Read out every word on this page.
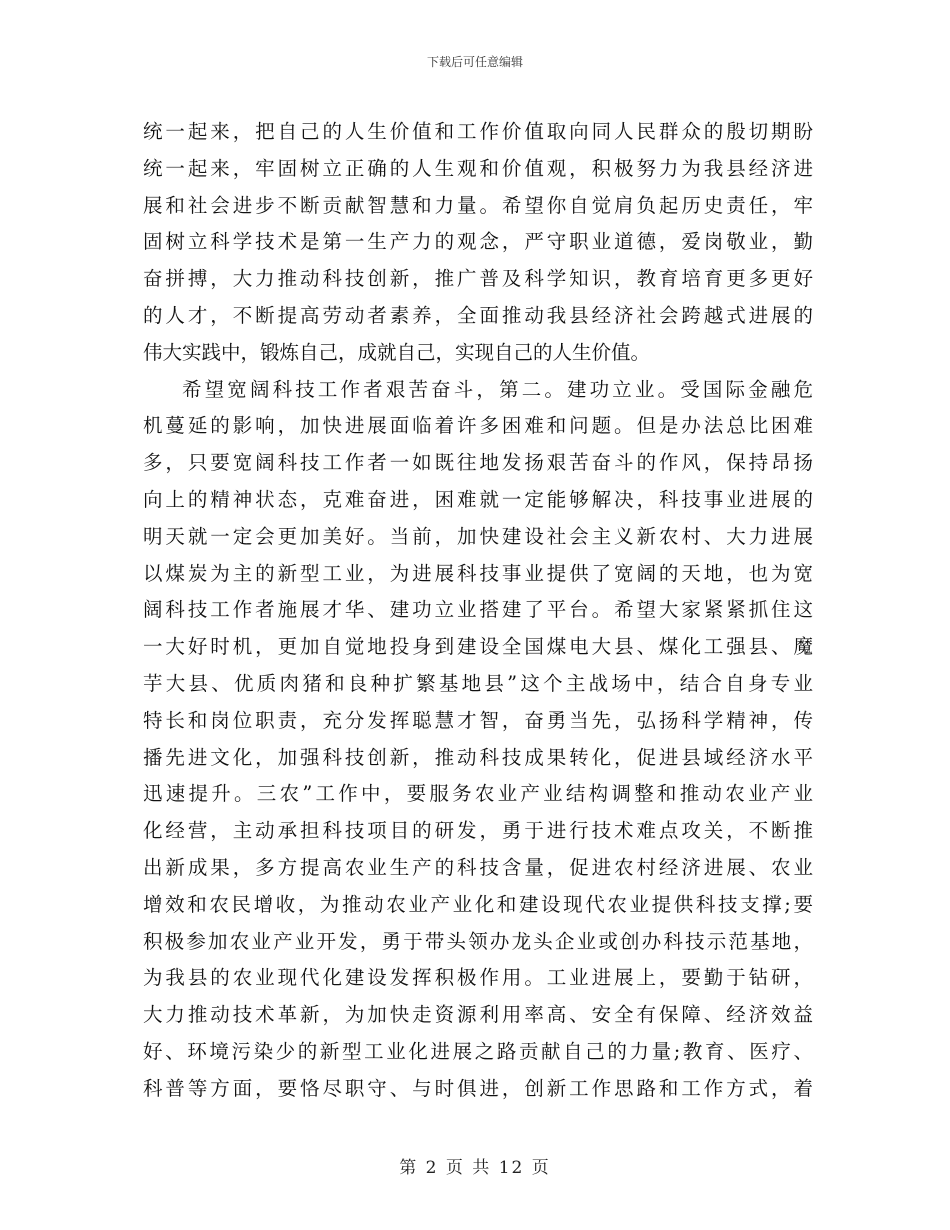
下载后可任意编辑
统一起来，把自己的人生价值和工作价值取向同人民群众的殷切期盼
统一起来，牢固树立正确的人生观和价值观，积极努力为我县经济进
展和社会进步不断贡献智慧和力量。希望你自觉肩负起历史责任，牢
固树立科学技术是第一生产力的观念，严守职业道德，爱岗敬业，勤
奋拼搏，大力推动科技创新，推广普及科学知识，教育培育更多更好
的人才，不断提高劳动者素养，全面推动我县经济社会跨越式进展的
伟大实践中，锻炼自己，成就自己，实现自己的人生价值。
希望宽阔科技工作者艰苦奋斗，第二。建功立业。受国际金融危
机蔓延的影响，加快进展面临着许多困难和问题。但是办法总比困难
多，只要宽阔科技工作者一如既往地发扬艰苦奋斗的作风，保持昂扬
向上的精神状态，克难奋进，困难就一定能够解决，科技事业进展的
明天就一定会更加美好。当前，加快建设社会主义新农村、大力进展
以煤炭为主的新型工业，为进展科技事业提供了宽阔的天地，也为宽
阔科技工作者施展才华、建功立业搭建了平台。希望大家紧紧抓住这
一大好时机，更加自觉地投身到建设全国煤电大县、煤化工强县、魔
芋大县、优质肉猪和良种扩繁基地县”这个主战场中，结合自身专业
特长和岗位职责，充分发挥聪慧才智，奋勇当先，弘扬科学精神，传
播先进文化，加强科技创新，推动科技成果转化，促进县域经济水平
迅速提升。三农”工作中，要服务农业产业结构调整和推动农业产业
化经营，主动承担科技项目的研发，勇于进行技术难点攻关，不断推
出新成果，多方提高农业生产的科技含量，促进农村经济进展、农业
增效和农民增收，为推动农业产业化和建设现代农业提供科技支撑;要
积极参加农业产业开发，勇于带头领办龙头企业或创办科技示范基地，
为我县的农业现代化建设发挥积极作用。工业进展上，要勤于钻研，
大力推动技术革新，为加快走资源利用率高、安全有保障、经济效益
好、环境污染少的新型工业化进展之路贡献自己的力量;教育、医疗、
科普等方面，要恪尽职守、与时俱进，创新工作思路和工作方式，着
第 2 页 共 12 页
